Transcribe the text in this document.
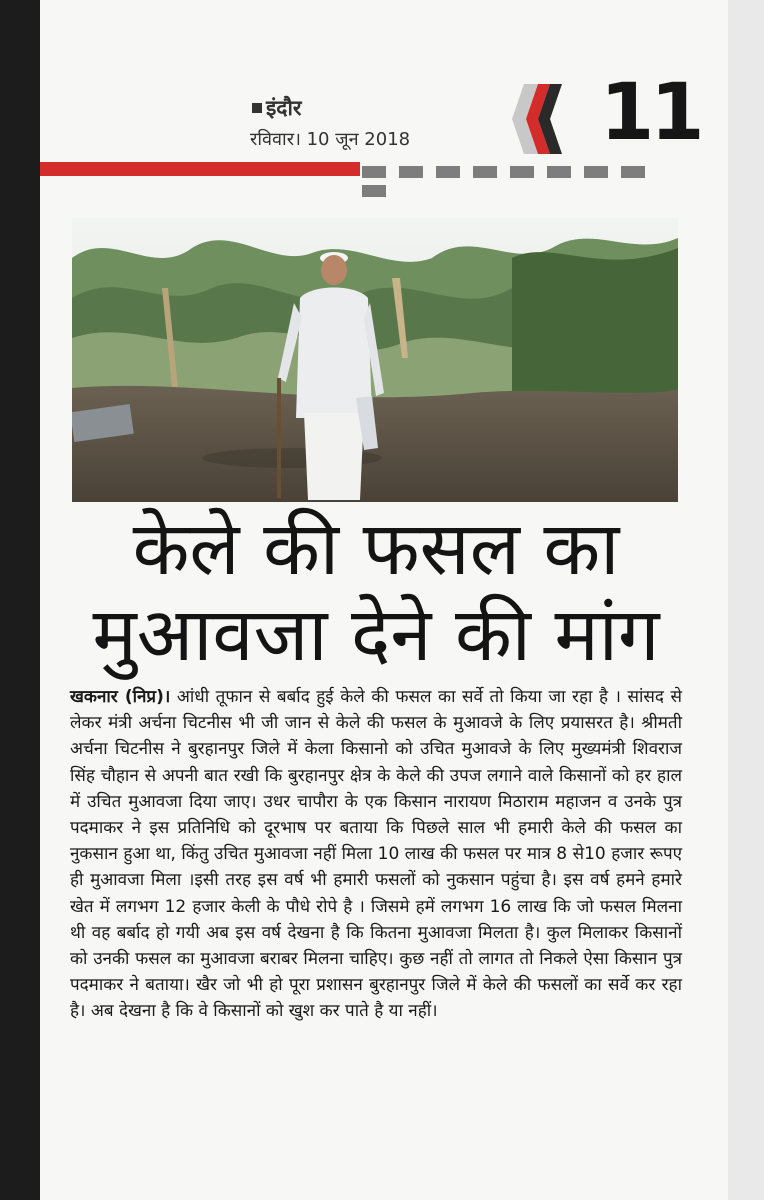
इंदौर
रविवार। 10 जून 2018 11
केले की फसल का
मुआवजा देने की मांग
खकनार (निप्र)। आंधी तूफान से बर्बाद हुई केले की फसल का सर्वे तो किया जा रहा है । सांसद से लेकर मंत्री अर्चना चिटनीस भी जी जान से केले की फसल के मुआवजे के लिए प्रयासरत है। श्रीमती अर्चना चिटनीस ने बुरहानपुर जिले में केला किसानो को उचित मुआवजे के लिए मुख्यमंत्री शिवराज सिंह चौहान से अपनी बात रखी कि बुरहानपुर क्षेत्र के केले की उपज लगाने वाले किसानों को हर हाल में उचित मुआवजा दिया जाए। उधर चापौरा के एक किसान नारायण मिठाराम महाजन व उनके पुत्र पदमाकर ने इस प्रतिनिधि को दूरभाष पर बताया कि पिछले साल भी हमारी केले की फसल का नुकसान हुआ था, किंतु उचित मुआवजा नहीं मिला 10 लाख की फसल पर मात्र 8 से10 हजार रूपए ही मुआवजा मिला ।इसी तरह इस वर्ष भी हमारी फसलों को नुकसान पहुंचा है। इस वर्ष हमने हमारे खेत में लगभग 12 हजार केली के पौधे रोपे है । जिसमे हमें लगभग 16 लाख कि जो फसल मिलना थी वह बर्बाद हो गयी अब इस वर्ष देखना है कि कितना मुआवजा मिलता है। कुल मिलाकर किसानों को उनकी फसल का मुआवजा बराबर मिलना चाहिए। कुछ नहीं तो लागत तो निकले ऐसा किसान पुत्र पदमाकर ने बताया। खैर जो भी हो पूरा प्रशासन बुरहानपुर जिले में केले की फसलों का सर्वे कर रहा है। अब देखना है कि वे किसानों को खुश कर पाते है या नहीं।
